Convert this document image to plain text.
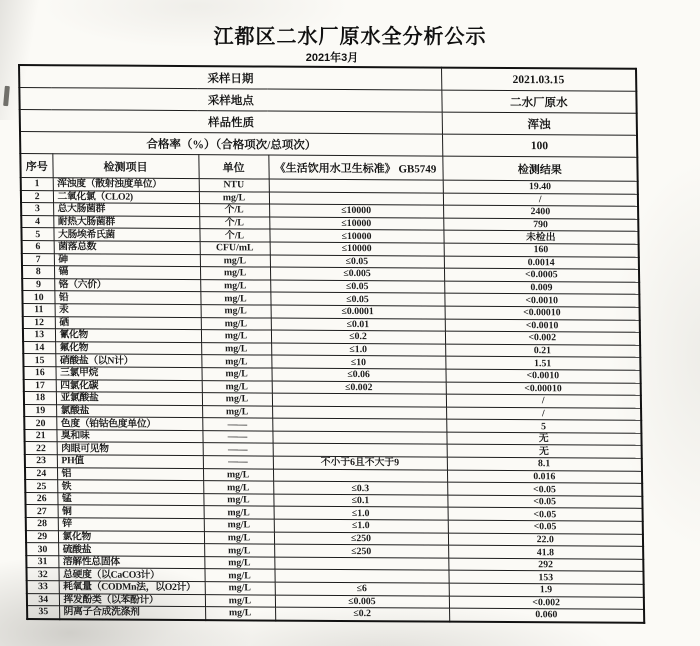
江都区二水厂原水全分析公示
2021年3月
采样日期				2021.03.15
采样地点				二水厂原水
样品性质				浑浊
合格率（%）（合格项次/总项次）				100
序号	检测项目	单位	《生活饮用水卫生标准》 GB5749	检测结果
1	浑浊度（散射浊度单位）	NTU		19.40
2	二氧化氯（CLO2)	mg/L		/
3	总大肠菌群	个/L	≤10000	2400
4	耐热大肠菌群	个/L	≤10000	790
5	大肠埃希氏菌	个/L	≤10000	未检出
6	菌落总数	CFU/mL	≤10000	160
7	砷	mg/L	≤0.05	0.0014
8	镉	mg/L	≤0.005	<0.0005
9	铬（六价）	mg/L	≤0.05	0.009
10	铅	mg/L	≤0.05	<0.0010
11	汞	mg/L	≤0.0001	<0.00010
12	硒	mg/L	≤0.01	<0.0010
13	氰化物	mg/L	≤0.2	<0.002
14	氟化物	mg/L	≤1.0	0.21
15	硝酸盐（以N计）	mg/L	≤10	1.51
16	三氯甲烷	mg/L	≤0.06	<0.0010
17	四氯化碳	mg/L	≤0.002	<0.00010
18	亚氯酸盐	mg/L		/
19	氯酸盐	mg/L		/
20	色度（铂钴色度单位）	——		5
21	臭和味	——		无
22	肉眼可见物	——		无
23	PH值	——	不小于6且不大于9	8.1
24	铝	mg/L		0.016
25	铁	mg/L	≤0.3	<0.05
26	锰	mg/L	≤0.1	<0.05
27	铜	mg/L	≤1.0	<0.05
28	锌	mg/L	≤1.0	<0.05
29	氯化物	mg/L	≤250	22.0
30	硫酸盐	mg/L	≤250	41.8
31	溶解性总固体	mg/L		292
32	总硬度（以CaCO3计）	mg/L		153
33	耗氧量（CODMn法，以O2计）	mg/L	≤6	1.9
34	挥发酚类（以苯酚计）	mg/L	≤0.005	<0.002
35	阴离子合成洗涤剂	mg/L	≤0.2	0.060
